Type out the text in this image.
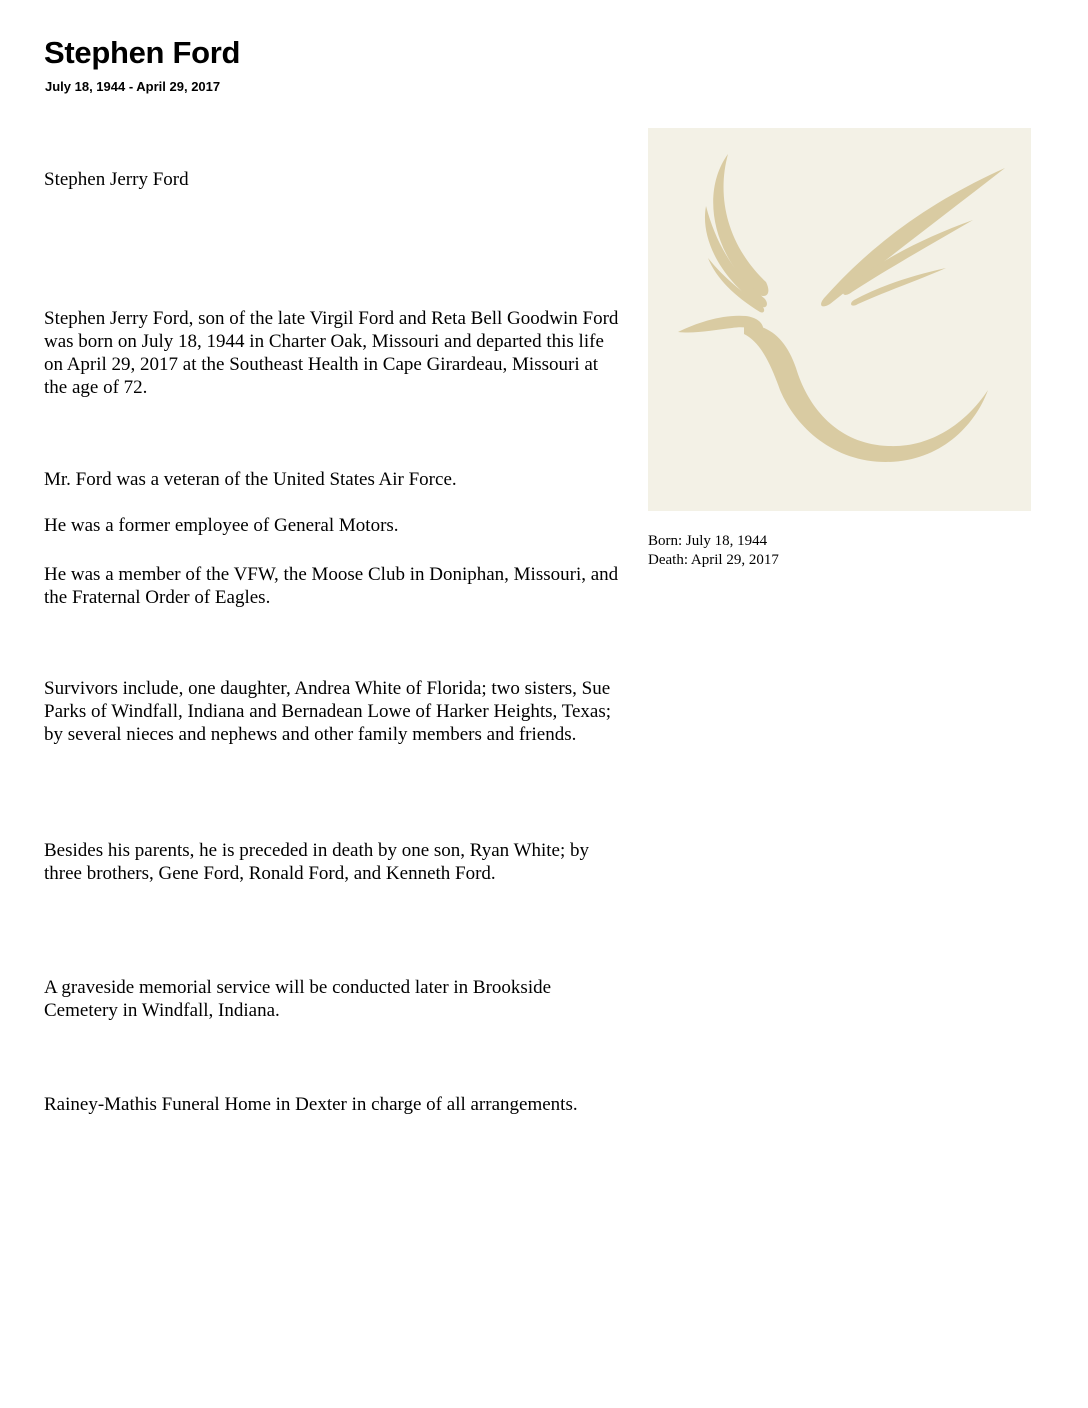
Stephen Ford

July 18, 1944 - April 29, 2017

Stephen Jerry Ford

Stephen Jerry Ford, son of the late Virgil Ford and Reta Bell Goodwin Ford was born on July 18, 1944 in Charter Oak, Missouri and departed this life on April 29, 2017 at the Southeast Health in Cape Girardeau, Missouri at the age of 72.

Mr. Ford was a veteran of the United States Air Force.

He was a former employee of General Motors.

He was a member of the VFW, the Moose Club in Doniphan, Missouri, and the Fraternal Order of Eagles.

Survivors include, one daughter, Andrea White of Florida; two sisters, Sue Parks of Windfall, Indiana and Bernadean Lowe of Harker Heights, Texas; by several nieces and nephews and other family members and friends.

Besides his parents, he is preceded in death by one son, Ryan White; by three brothers, Gene Ford, Ronald Ford, and Kenneth Ford.

A graveside memorial service will be conducted later in Brookside Cemetery in Windfall, Indiana.

Rainey-Mathis Funeral Home in Dexter in charge of all arrangements.

Born: July 18, 1944

Death: April 29, 2017
